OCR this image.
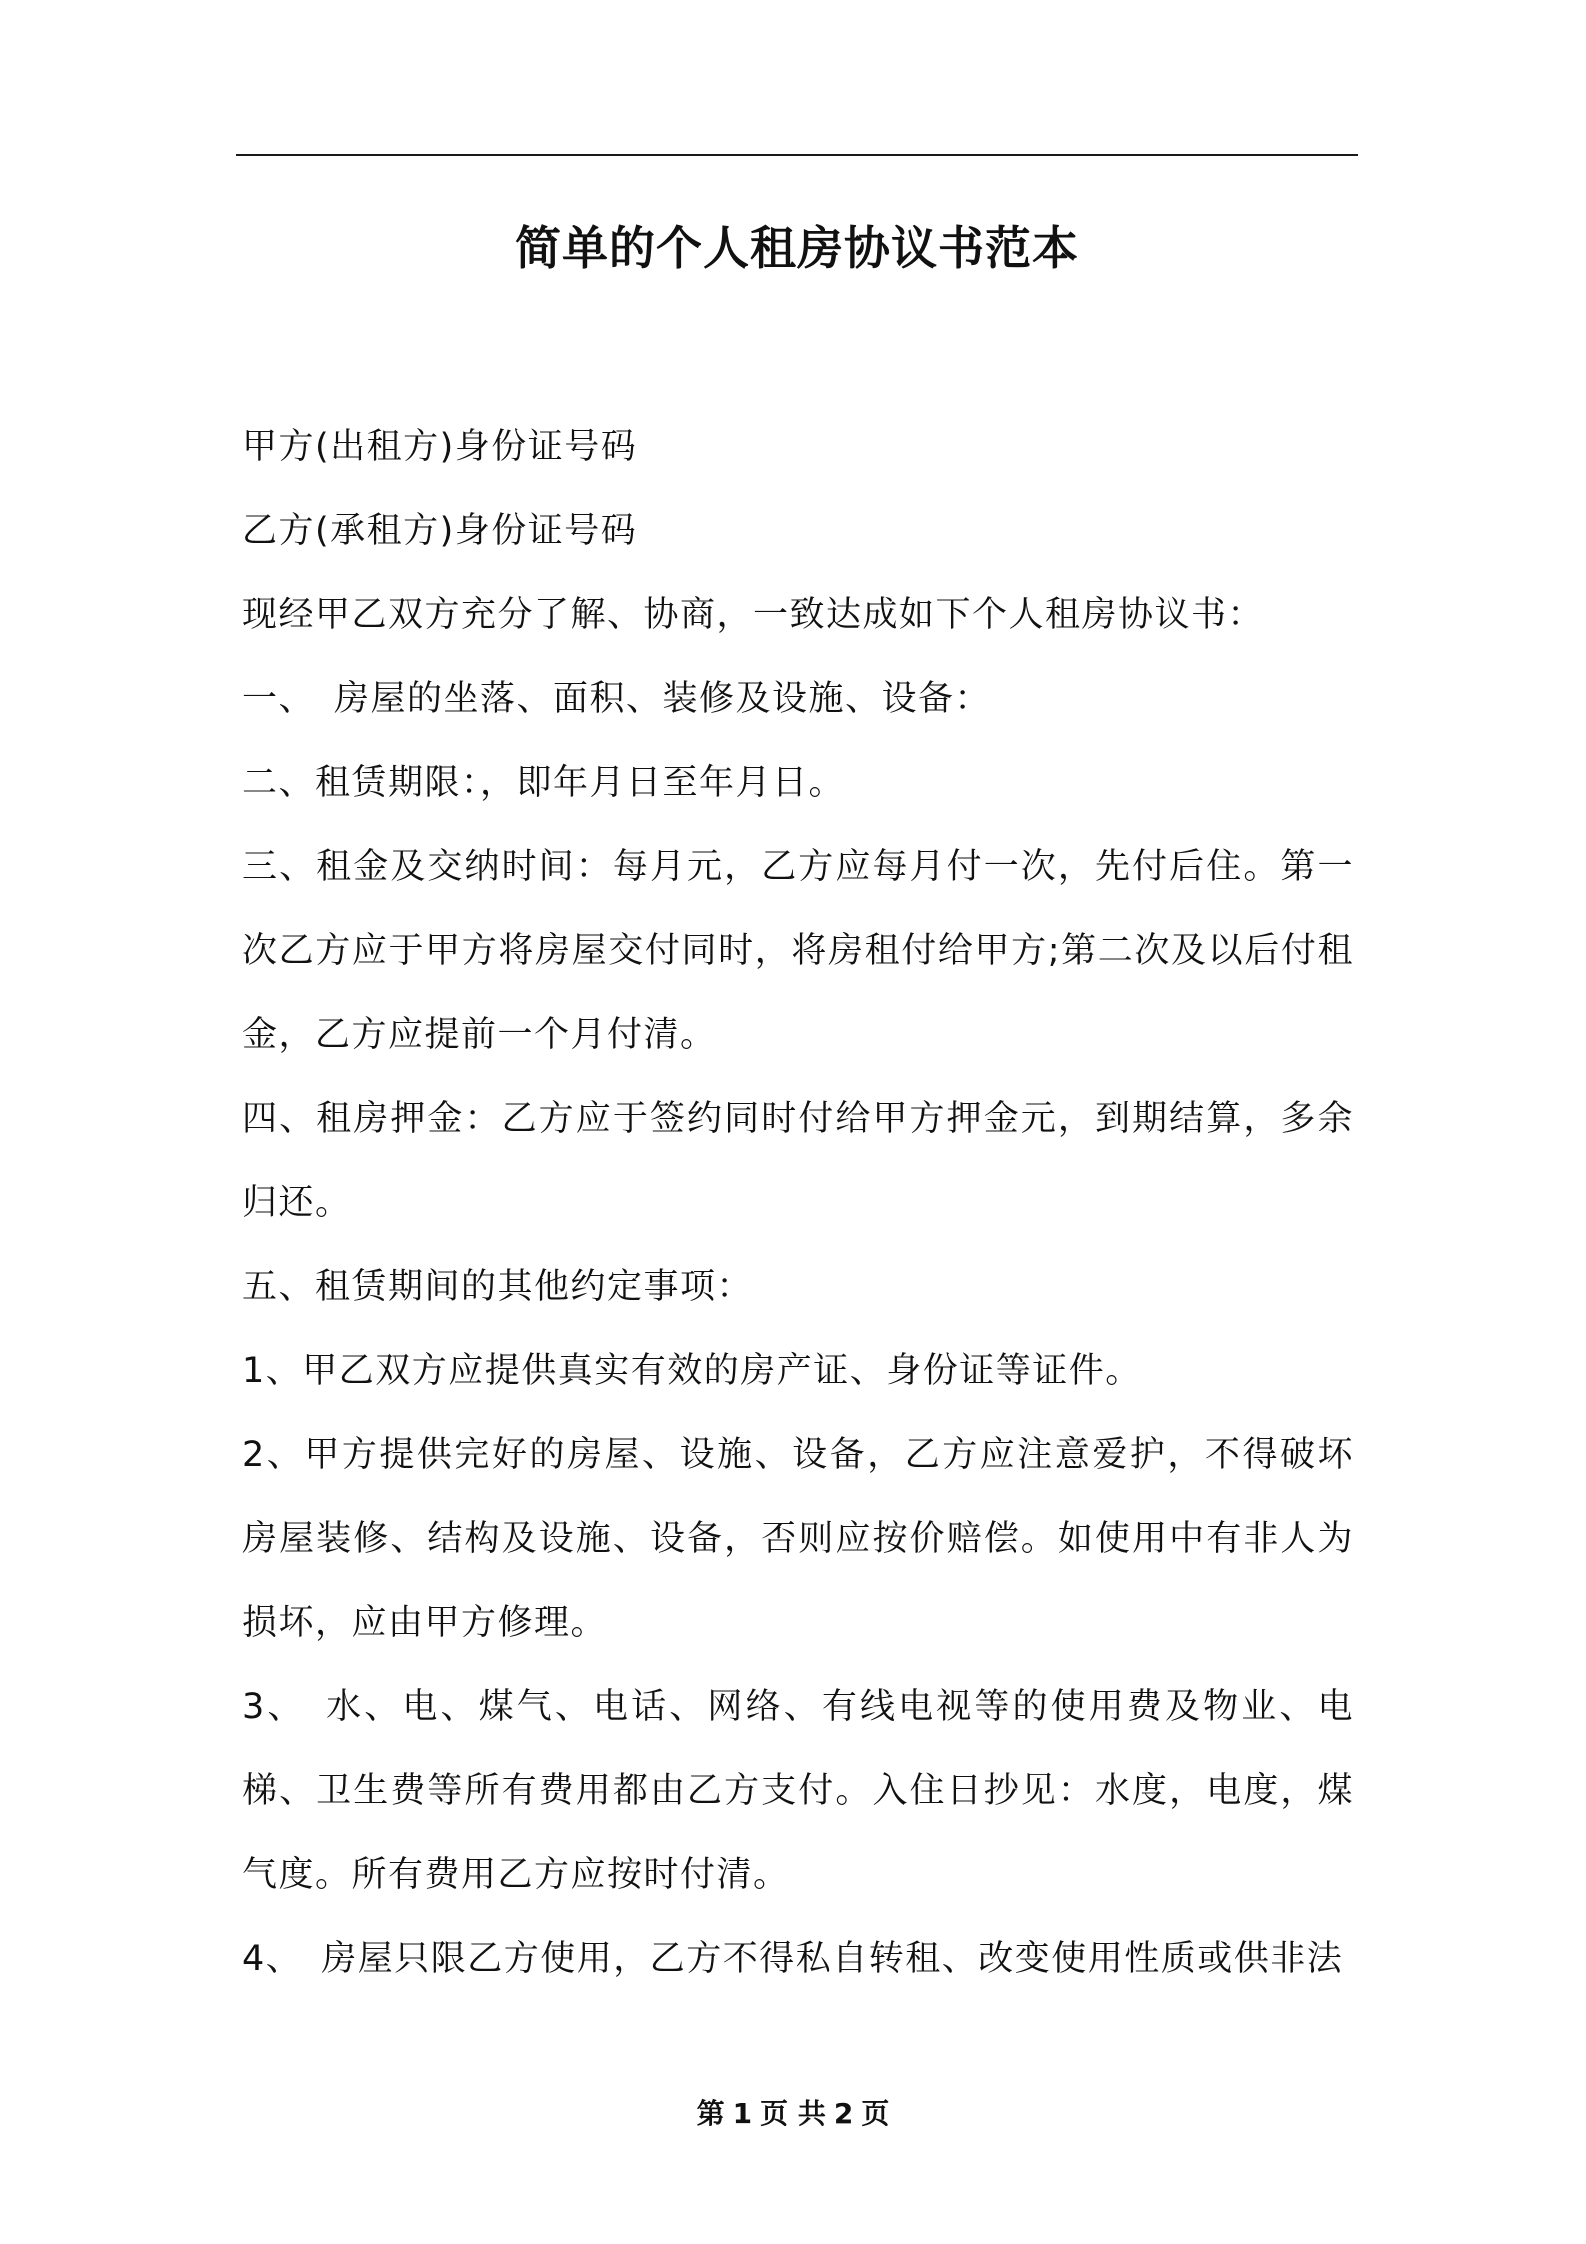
简单的个人租房协议书范本

甲方(出租方)身份证号码

乙方(承租方)身份证号码

现经甲乙双方充分了解、协商，一致达成如下个人租房协议书：

一、　房屋的坐落、面积、装修及设施、设备：

二、租赁期限：，即年月日至年月日。

三、租金及交纳时间：每月元，乙方应每月付一次，先付后住。第一次乙方应于甲方将房屋交付同时，将房租付给甲方;第二次及以后付租金，乙方应提前一个月付清。

四、租房押金：乙方应于签约同时付给甲方押金元，到期结算，多余归还。

五、租赁期间的其他约定事项：

1、甲乙双方应提供真实有效的房产证、身份证等证件。

2、甲方提供完好的房屋、设施、设备，乙方应注意爱护，不得破坏房屋装修、结构及设施、设备，否则应按价赔偿。如使用中有非人为损坏，应由甲方修理。

3、　水、电、煤气、电话、网络、有线电视等的使用费及物业、电梯、卫生费等所有费用都由乙方支付。入住日抄见：水度，电度，煤气度。所有费用乙方应按时付清。

4、　房屋只限乙方使用，乙方不得私自转租、改变使用性质或供非法

第 1 页 共 2 页
